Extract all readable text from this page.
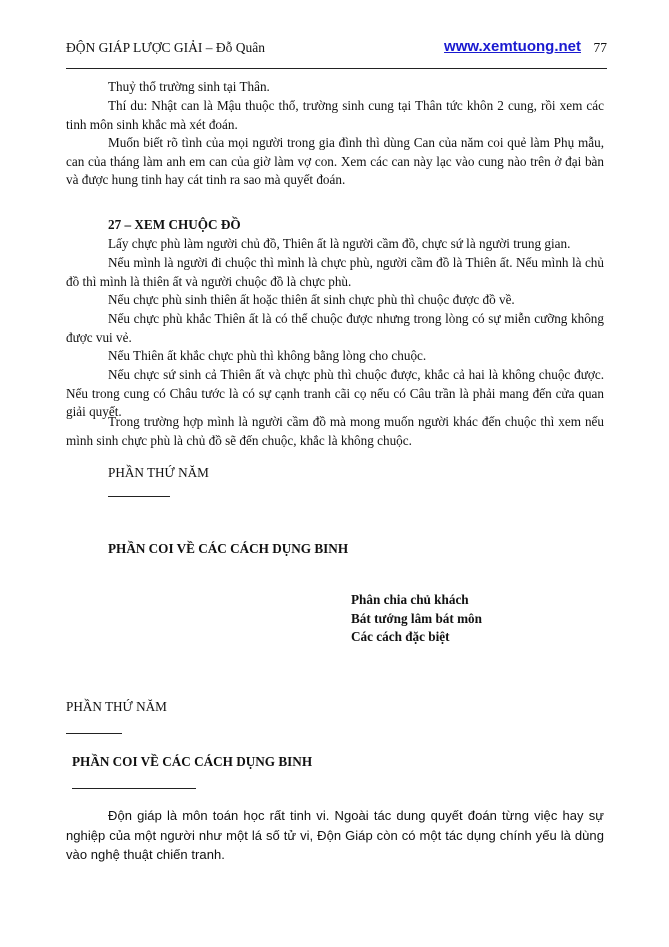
ĐỘN GIÁP LƯỢC GIẢI – Đỗ Quân	www.xemtuong.net 77

Thuỷ thổ trường sinh tại Thân.

Thí du: Nhật can là Mậu thuộc thổ, trường sinh cung tại Thân tức khôn 2 cung, rồi xem các tinh môn sinh khắc mà xét đoán.

Muốn biết rõ tình của mọi người trong gia đình thì dùng Can của năm coi quẻ làm Phụ mẫu, can của tháng làm anh em can của giờ làm vợ con. Xem các can này lạc vào cung nào trên ở đại bàn và được hung tinh hay cát tinh ra sao mà quyết đoán.

27 – XEM CHUỘC ĐỒ

Lấy chực phù làm người chủ đồ, Thiên ất là người cầm đồ, chực sứ là người trung gian.

Nếu mình là người đi chuộc thì mình là chực phù, người cầm đồ là Thiên ất. Nếu mình là chủ đồ thì mình là thiên ất và người chuộc đồ là chực phù.

Nếu chực phù sinh thiên ất hoặc thiên ất sinh chực phù thì chuộc được đồ về.

Nếu chực phù khắc Thiên ất là có thể chuộc được nhưng trong lòng có sự miễn cưỡng không được vui vẻ.

Nếu Thiên ất khắc chực phù thì không bằng lòng cho chuộc.

Nếu chực sứ sinh cả Thiên ất và chực phù thì chuộc được, khắc cả hai là không chuộc được. Nếu trong cung có Châu tước là có sự cạnh tranh cãi cọ nếu có Câu trần là phải mang đến cửa quan giải quyết.

Trong trường hợp mình là người cầm đồ mà mong muốn người khác đến chuộc thì xem nếu mình sinh chực phù là chủ đồ sẽ đến chuộc, khắc là không chuộc.

PHẦN THỨ NĂM

PHẦN COI VỀ CÁC CÁCH DỤNG BINH

Phân chia chủ khách
Bát tướng lâm bát môn
Các cách đặc biệt

PHẦN THỨ NĂM

PHẦN COI VỀ CÁC CÁCH DỤNG BINH

Độn giáp là môn toán học rất tinh vi. Ngoài tác dung quyết đoán từng việc hay sự nghiệp của một người như một lá số tử vi, Độn Giáp còn có một tác dụng chính yếu là dùng vào nghệ thuật chiến tranh.
